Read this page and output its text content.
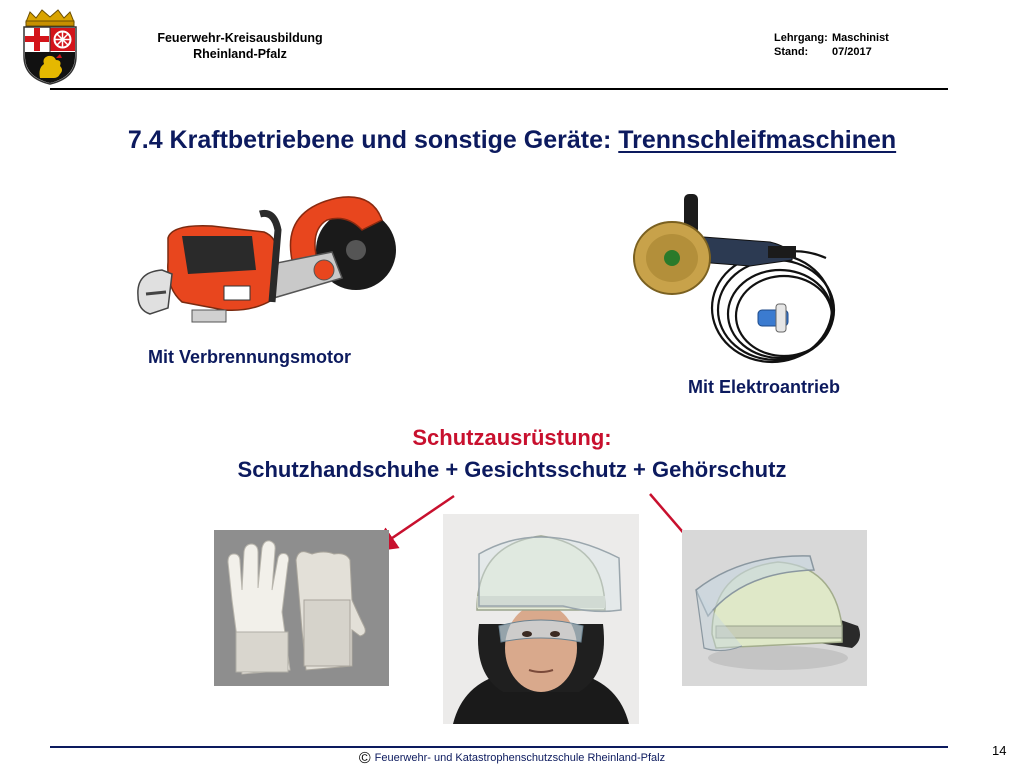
Feuerwehr-Kreisausbildung
Rheinland-Pfalz
Lehrgang: Maschinist
Stand: 07/2017
7.4 Kraftbetriebene und sonstige Geräte: Trennschleifmaschinen
Mit Verbrennungsmotor
Mit Elektroantrieb
Schutzausrüstung:
Schutzhandschuhe + Gesichtsschutz + Gehörschutz
© Feuerwehr- und Katastrophenschutzschule Rheinland-Pfalz	14
